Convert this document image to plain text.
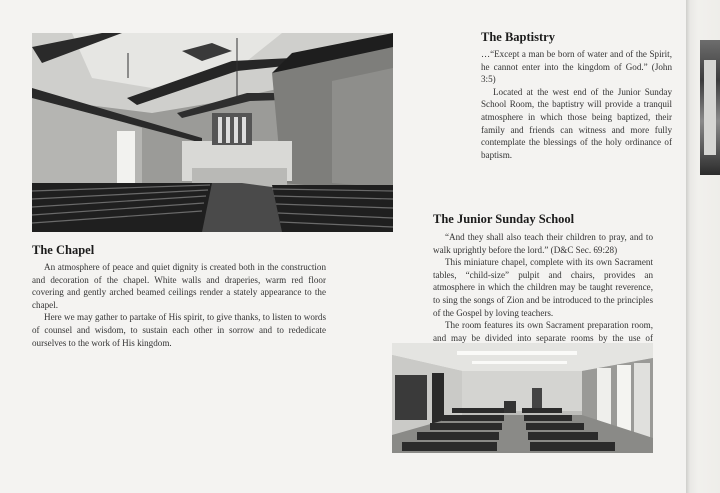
The Baptistry

…“Except a man be born of water and of the Spirit, he cannot enter into the kingdom of God.” (John 3:5)

Located at the west end of the Junior Sunday School Room, the baptistry will provide a tranquil atmosphere in which those being baptized, their family and friends can witness and more fully contemplate the blessings of the holy ordinance of baptism.

The Chapel

An atmosphere of peace and quiet dignity is created both in the construction and decoration of the chapel. White walls and draperies, warm red floor covering and gently arched beamed ceilings render a stately appearance to the chapel.

Here we may gather to partake of His spirit, to give thanks, to listen to words of counsel and wisdom, to sustain each other in sorrow and to rededicate ourselves to the work of His kingdom.

The Junior Sunday School

“And they shall also teach their children to pray, and to walk uprightly before the lord.” (D&C Sec. 69:28)

This miniature chapel, complete with its own Sacrament tables, “child-size” pulpit and chairs, provides an atmosphere in which the children may be taught reverence, to sing the songs of Zion and be introduced to the principles of the Gospel by loving teachers.

The room features its own Sacrament preparation room, and may be divided into separate rooms by the use of
